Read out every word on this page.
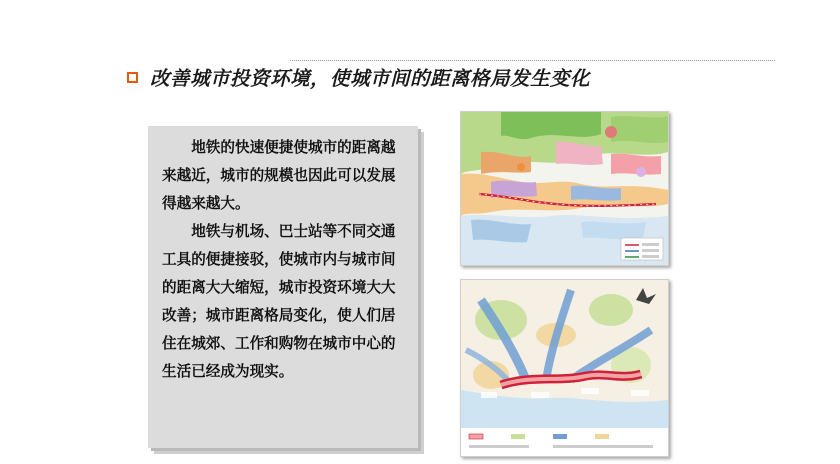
改善城市投资环境，使城市间的距离格局发生变化

地铁的快速便捷使城市的距离越来越近，城市的规模也因此可以发展得越来越大。

地铁与机场、巴士站等不同交通工具的便捷接驳，使城市内与城市间的距离大大缩短，城市投资环境大大改善；城市距离格局变化，使人们居住在城郊、工作和购物在城市中心的生活已经成为现实。
